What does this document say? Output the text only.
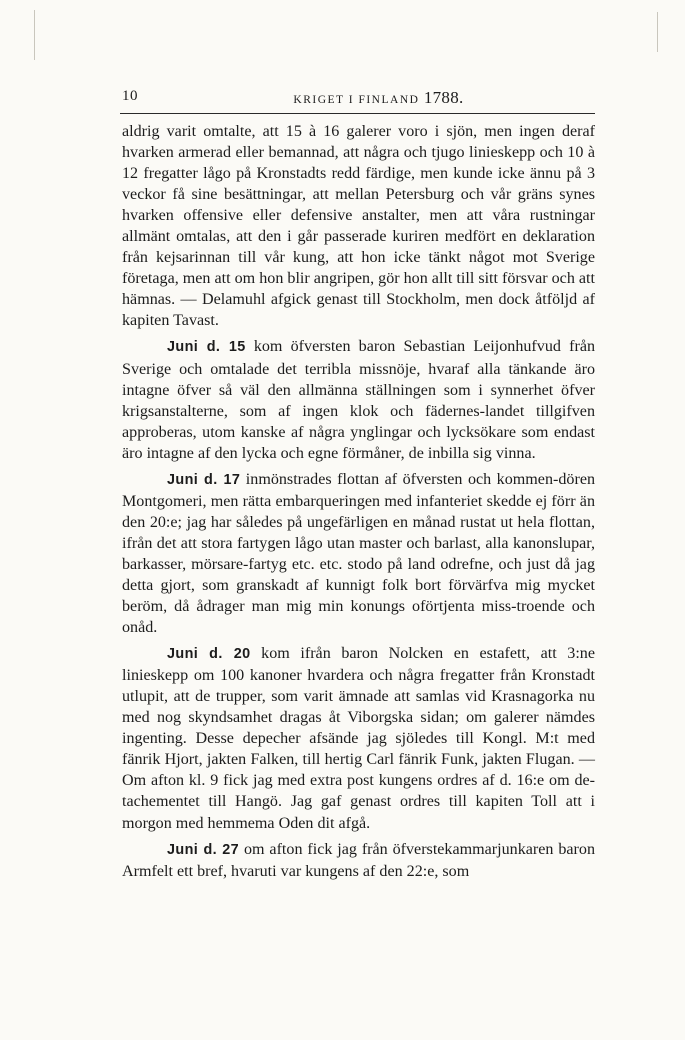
10	KRIGET I FINLAND 1788.

aldrig varit omtalte, att 15 à 16 galerer voro i sjön, men ingen deraf hvarken armerad eller bemannad, att några och tjugo linieskepp och 10 à 12 fregatter lågo på Kronstadts redd färdige, men kunde icke ännu på 3 veckor få sine besättningar, att mellan Petersburg och vår gräns synes hvarken offensive eller defensive anstalter, men att våra rustningar allmänt omtalas, att den i går passerade kuriren medfört en deklaration från kejsarinnan till vår kung, att hon icke tänkt något mot Sverige företaga, men att om hon blir angripen, gör hon allt till sitt försvar och att hämnas. — Delamuhl afgick genast till Stockholm, men dock åtföljd af kapiten Tavast.

Juni d. 15 kom öfversten baron Sebastian Leijonhufvud från Sverige och omtalade det terribla missnöje, hvaraf alla tänkande äro intagne öfver så väl den allmänna ställningen som i synnerhet öfver krigsanstalterne, som af ingen klok och fädernes-landet tillgifven approberas, utom kanske af några ynglingar och lycksökare som endast äro intagne af den lycka och egne förmåner, de inbilla sig vinna.

Juni d. 17 inmönstrades flottan af öfversten och kommen-dören Montgomeri, men rätta embarqueringen med infanteriet skedde ej förr än den 20:e; jag har således på ungefärligen en månad rustat ut hela flottan, ifrån det att stora fartygen lågo utan master och barlast, alla kanonslupar, barkasser, mörsare-fartyg etc. etc. stodo på land odrefne, och just då jag detta gjort, som granskadt af kunnigt folk bort förvärfva mig mycket beröm, då ådrager man mig min konungs oförtjenta miss-troende och onåd.

Juni d. 20 kom ifrån baron Nolcken en estafett, att 3:ne linieskepp om 100 kanoner hvardera och några fregatter från Kronstadt utlupit, att de trupper, som varit ämnade att samlas vid Krasnagorka nu med nog skyndsamhet dragas åt Viborgska sidan; om galerer nämdes ingenting. Desse depecher afsände jag sjöledes till Kongl. M:t med fänrik Hjort, jakten Falken, till hertig Carl fänrik Funk, jakten Flugan. — Om afton kl. 9 fick jag med extra post kungens ordres af d. 16:e om de-tachementet till Hangö. Jag gaf genast ordres till kapiten Toll att i morgon med hemmema Oden dit afgå.

Juni d. 27 om afton fick jag från öfverstekammarjunkaren baron Armfelt ett bref, hvaruti var kungens af den 22:e, som
